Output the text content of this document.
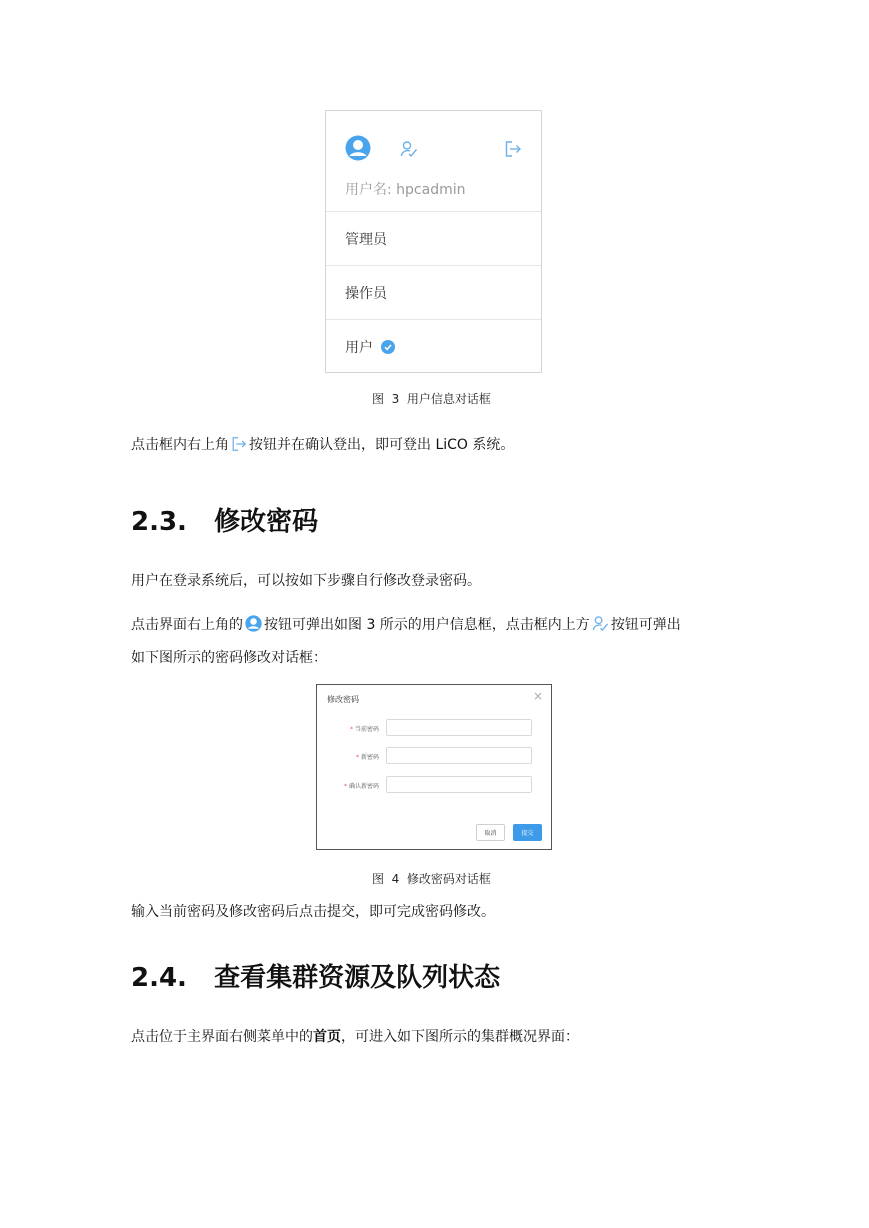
用户名: hpcadmin
管理员
操作员
用户
图  3  用户信息对话框
点击框内右上角 按钮并在确认登出，即可登出 LiCO 系统。
2.3.   修改密码
用户在登录系统后，可以按如下步骤自行修改登录密码。
点击界面右上角的 按钮可弹出如图 3 所示的用户信息框，点击框内上方 按钮可弹出
如下图所示的密码修改对话框：
修改密码	×
* 当前密码
* 新密码
* 确认新密码
取消	提交
图  4  修改密码对话框
输入当前密码及修改密码后点击提交，即可完成密码修改。
2.4.   查看集群资源及队列状态
点击位于主界面右侧菜单中的首页，可进入如下图所示的集群概况界面：
